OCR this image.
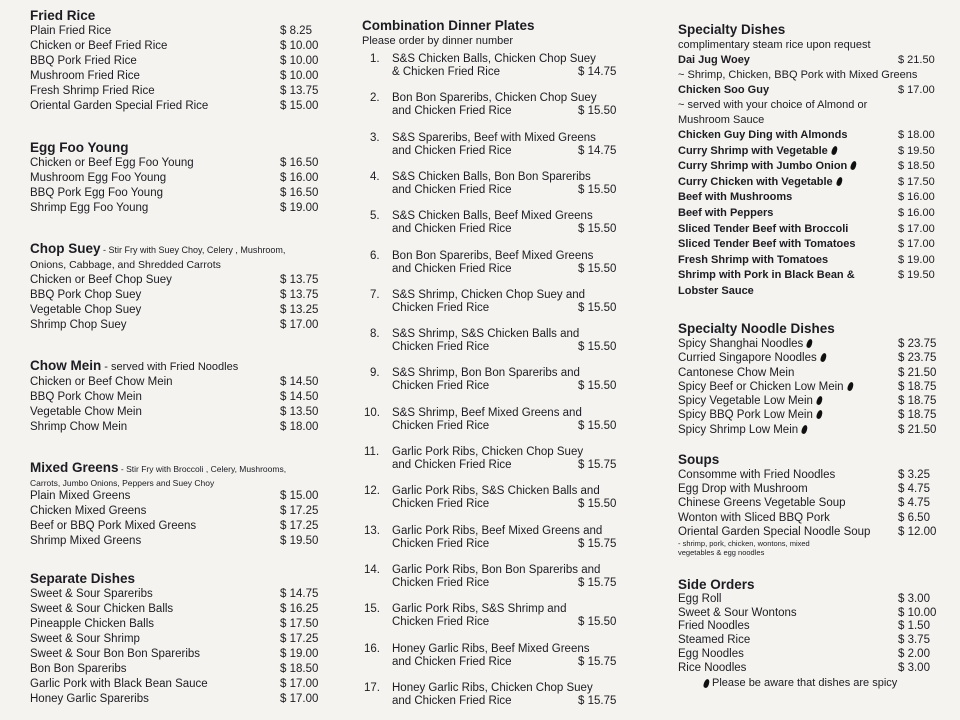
Fried Rice
Plain Fried Rice	$ 8.25
Chicken or Beef Fried Rice	$ 10.00
BBQ Pork Fried Rice	$ 10.00
Mushroom Fried Rice	$ 10.00
Fresh Shrimp Fried Rice	$ 13.75
Oriental Garden Special Fried Rice	$ 15.00
Egg Foo Young
Chicken or Beef Egg Foo Young	$ 16.50
Mushroom Egg Foo Young	$ 16.00
BBQ Pork Egg Foo Young	$ 16.50
Shrimp Egg Foo Young	$ 19.00
Chop Suey - Stir Fry with Suey Choy, Celery , Mushroom,
Onions, Cabbage, and Shredded Carrots
Chicken or Beef Chop Suey	$ 13.75
BBQ Pork Chop Suey	$ 13.75
Vegetable Chop Suey	$ 13.25
Shrimp Chop Suey	$ 17.00
Chow Mein - served with Fried Noodles
Chicken or Beef Chow Mein	$ 14.50
BBQ Pork Chow Mein	$ 14.50
Vegetable Chow Mein	$ 13.50
Shrimp Chow Mein	$ 18.00
Mixed Greens - Stir Fry with Broccoli , Celery, Mushrooms,
Carrots, Jumbo Onions, Peppers and Suey Choy
Plain Mixed Greens	$ 15.00
Chicken Mixed Greens	$ 17.25
Beef or BBQ Pork Mixed Greens	$ 17.25
Shrimp Mixed Greens	$ 19.50
Separate Dishes
Sweet & Sour Spareribs	$ 14.75
Sweet & Sour Chicken Balls	$ 16.25
Pineapple Chicken Balls	$ 17.50
Sweet & Sour Shrimp	$ 17.25
Sweet & Sour Bon Bon Spareribs	$ 19.00
Bon Bon Spareribs	$ 18.50
Garlic Pork with Black Bean Sauce	$ 17.00
Honey Garlic Spareribs	$ 17.00
Combination Dinner Plates
Please order by dinner number
1.	S&S Chicken Balls, Chicken Chop Suey
& Chicken Fried Rice	$ 14.75
2.	Bon Bon Spareribs, Chicken Chop Suey
and Chicken Fried Rice	$ 15.50
3.	S&S Spareribs, Beef with Mixed Greens
and Chicken Fried Rice	$ 14.75
4.	S&S Chicken Balls, Bon Bon Spareribs
and Chicken Fried Rice	$ 15.50
5.	S&S Chicken Balls, Beef Mixed Greens
and Chicken Fried Rice	$ 15.50
6.	Bon Bon Spareribs, Beef Mixed Greens
and Chicken Fried Rice	$ 15.50
7.	S&S Shrimp, Chicken Chop Suey and
Chicken Fried Rice	$ 15.50
8.	S&S Shrimp, S&S Chicken Balls and
Chicken Fried Rice	$ 15.50
9.	S&S Shrimp, Bon Bon Spareribs and
Chicken Fried Rice	$ 15.50
10.	S&S Shrimp, Beef Mixed Greens and
Chicken Fried Rice	$ 15.50
11.	Garlic Pork Ribs, Chicken Chop Suey
and Chicken Fried Rice	$ 15.75
12.	Garlic Pork Ribs, S&S Chicken Balls and
Chicken Fried Rice	$ 15.50
13.	Garlic Pork Ribs, Beef Mixed Greens and
Chicken Fried Rice	$ 15.75
14.	Garlic Pork Ribs, Bon Bon Spareribs and
Chicken Fried Rice	$ 15.75
15.	Garlic Pork Ribs, S&S Shrimp and
Chicken Fried Rice	$ 15.50
16.	Honey Garlic Ribs, Beef Mixed Greens
and Chicken Fried Rice	$ 15.75
17.	Honey Garlic Ribs, Chicken Chop Suey
and Chicken Fried Rice	$ 15.75
Specialty Dishes
complimentary steam rice upon request
Dai Jug Woey	$ 21.50
~ Shrimp, Chicken, BBQ Pork with Mixed Greens
Chicken Soo Guy	$ 17.00
~ served with your choice of Almond or
Mushroom Sauce
Chicken Guy Ding with Almonds	$ 18.00
Curry Shrimp with Vegetable	$ 19.50
Curry Shrimp with Jumbo Onion	$ 18.50
Curry Chicken with Vegetable	$ 17.50
Beef with Mushrooms	$ 16.00
Beef with Peppers	$ 16.00
Sliced Tender Beef with Broccoli	$ 17.00
Sliced Tender Beef with Tomatoes	$ 17.00
Fresh Shrimp with Tomatoes	$ 19.00
Shrimp with Pork in Black Bean &	$ 19.50
Lobster Sauce
Specialty Noodle Dishes
Spicy Shanghai Noodles	$ 23.75
Curried Singapore Noodles	$ 23.75
Cantonese Chow Mein	$ 21.50
Spicy Beef or Chicken Low Mein	$ 18.75
Spicy Vegetable Low Mein	$ 18.75
Spicy BBQ Pork Low Mein	$ 18.75
Spicy Shrimp Low Mein	$ 21.50
Soups
Consomme with Fried Noodles	$ 3.25
Egg Drop with Mushroom	$ 4.75
Chinese Greens Vegetable Soup	$ 4.75
Wonton with Sliced BBQ Pork	$ 6.50
Oriental Garden Special Noodle Soup	$ 12.00
- shrimp, pork, chicken, wontons, mixed
vegetables & egg noodles
Side Orders
Egg Roll	$ 3.00
Sweet & Sour Wontons	$ 10.00
Fried Noodles	$ 1.50
Steamed Rice	$ 3.75
Egg Noodles	$ 2.00
Rice Noodles	$ 3.00
Please be aware that dishes are spicy
